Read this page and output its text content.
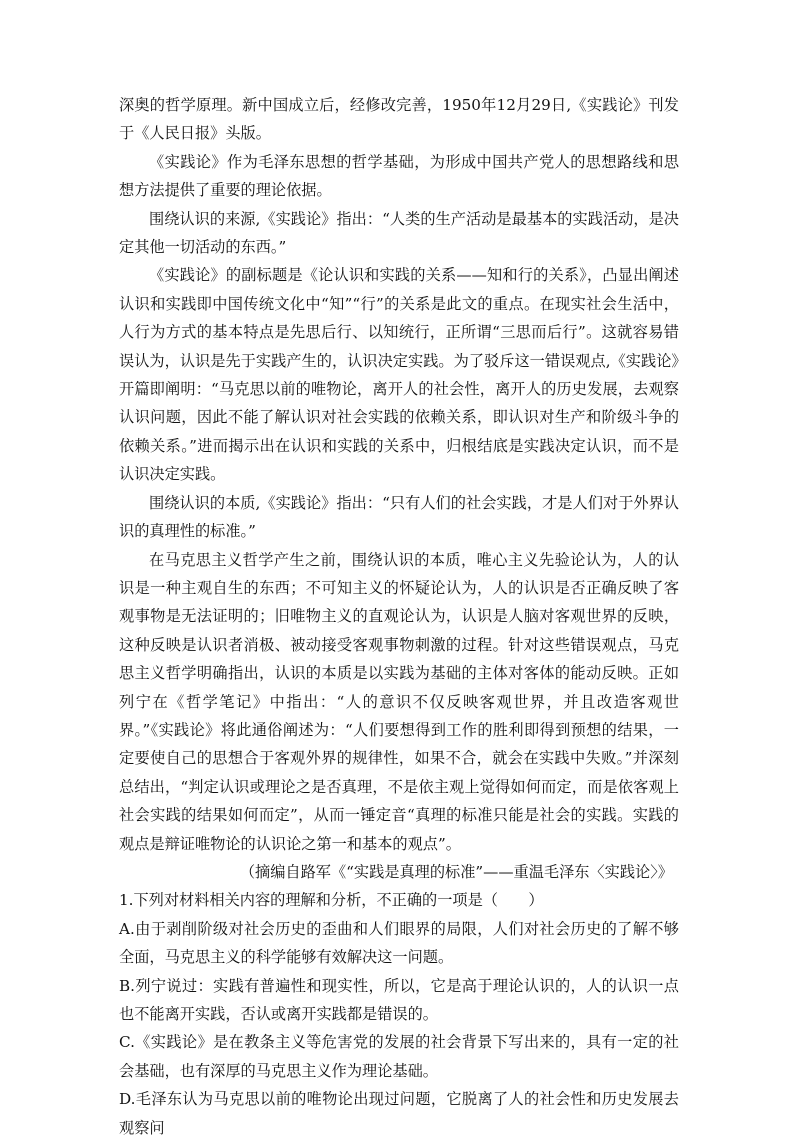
深奥的哲学原理。新中国成立后，经修改完善，1950年12月29日,《实践论》刊发于《人民日报》头版。

《实践论》作为毛泽东思想的哲学基础，为形成中国共产党人的思想路线和思想方法提供了重要的理论依据。

围绕认识的来源,《实践论》指出：“人类的生产活动是最基本的实践活动，是决定其他一切活动的东西。”

《实践论》的副标题是《论认识和实践的关系——知和行的关系》，凸显出阐述认识和实践即中国传统文化中“知”“行”的关系是此文的重点。在现实社会生活中，人行为方式的基本特点是先思后行、以知统行，正所谓“三思而后行”。这就容易错误认为，认识是先于实践产生的，认识决定实践。为了驳斥这一错误观点,《实践论》开篇即阐明：“马克思以前的唯物论，离开人的社会性，离开人的历史发展，去观察认识问题，因此不能了解认识对社会实践的依赖关系，即认识对生产和阶级斗争的依赖关系。”进而揭示出在认识和实践的关系中，归根结底是实践决定认识，而不是认识决定实践。

围绕认识的本质,《实践论》指出：“只有人们的社会实践，才是人们对于外界认识的真理性的标准。”

在马克思主义哲学产生之前，围绕认识的本质，唯心主义先验论认为，人的认识是一种主观自生的东西；不可知主义的怀疑论认为，人的认识是否正确反映了客观事物是无法证明的；旧唯物主义的直观论认为，认识是人脑对客观世界的反映，这种反映是认识者消极、被动接受客观事物刺激的过程。针对这些错误观点，马克思主义哲学明确指出，认识的本质是以实践为基础的主体对客体的能动反映。正如列宁在《哲学笔记》中指出：“人的意识不仅反映客观世界，并且改造客观世界。”《实践论》将此通俗阐述为：“人们要想得到工作的胜利即得到预想的结果，一定要使自己的思想合于客观外界的规律性，如果不合，就会在实践中失败。”并深刻总结出，“判定认识或理论之是否真理，不是依主观上觉得如何而定，而是依客观上社会实践的结果如何而定”，从而一锤定音“真理的标准只能是社会的实践。实践的观点是辩证唯物论的认识论之第一和基本的观点”。

（摘编自路军《“实践是真理的标准”——重温毛泽东〈实践论〉》

1.下列对材料相关内容的理解和分析，不正确的一项是（　　）

A.由于剥削阶级对社会历史的歪曲和人们眼界的局限，人们对社会历史的了解不够全面，马克思主义的科学能够有效解决这一问题。

B.列宁说过：实践有普遍性和现实性，所以，它是高于理论认识的，人的认识一点也不能离开实践，否认或离开实践都是错误的。

C.《实践论》是在教条主义等危害党的发展的社会背景下写出来的，具有一定的社会基础，也有深厚的马克思主义作为理论基础。

D.毛泽东认为马克思以前的唯物论出现过问题，它脱离了人的社会性和历史发展去观察问
